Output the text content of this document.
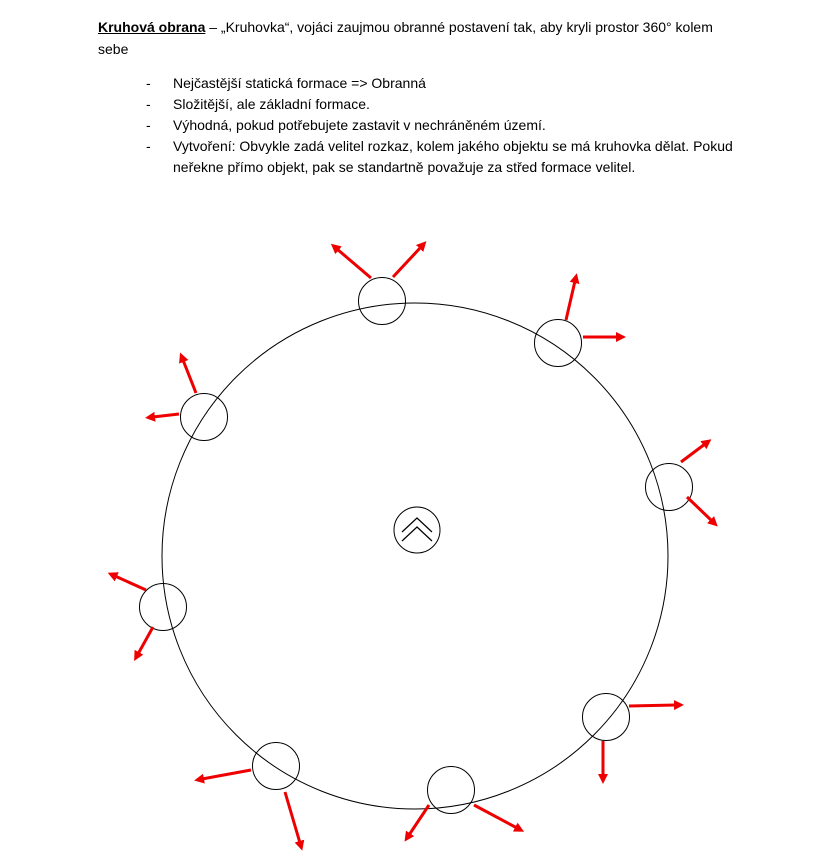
Kruhová obrana – „Kruhovka“, vojáci zaujmou obranné postavení tak, aby kryli prostor 360° kolem sebe
- Nejčastější statická formace => Obranná
- Složitější, ale základní formace.
- Výhodná, pokud potřebujete zastavit v nechráněném území.
- Vytvoření: Obvykle zadá velitel rozkaz, kolem jakého objektu se má kruhovka dělat. Pokud neřekne přímo objekt, pak se standartně považuje za střed formace velitel.
